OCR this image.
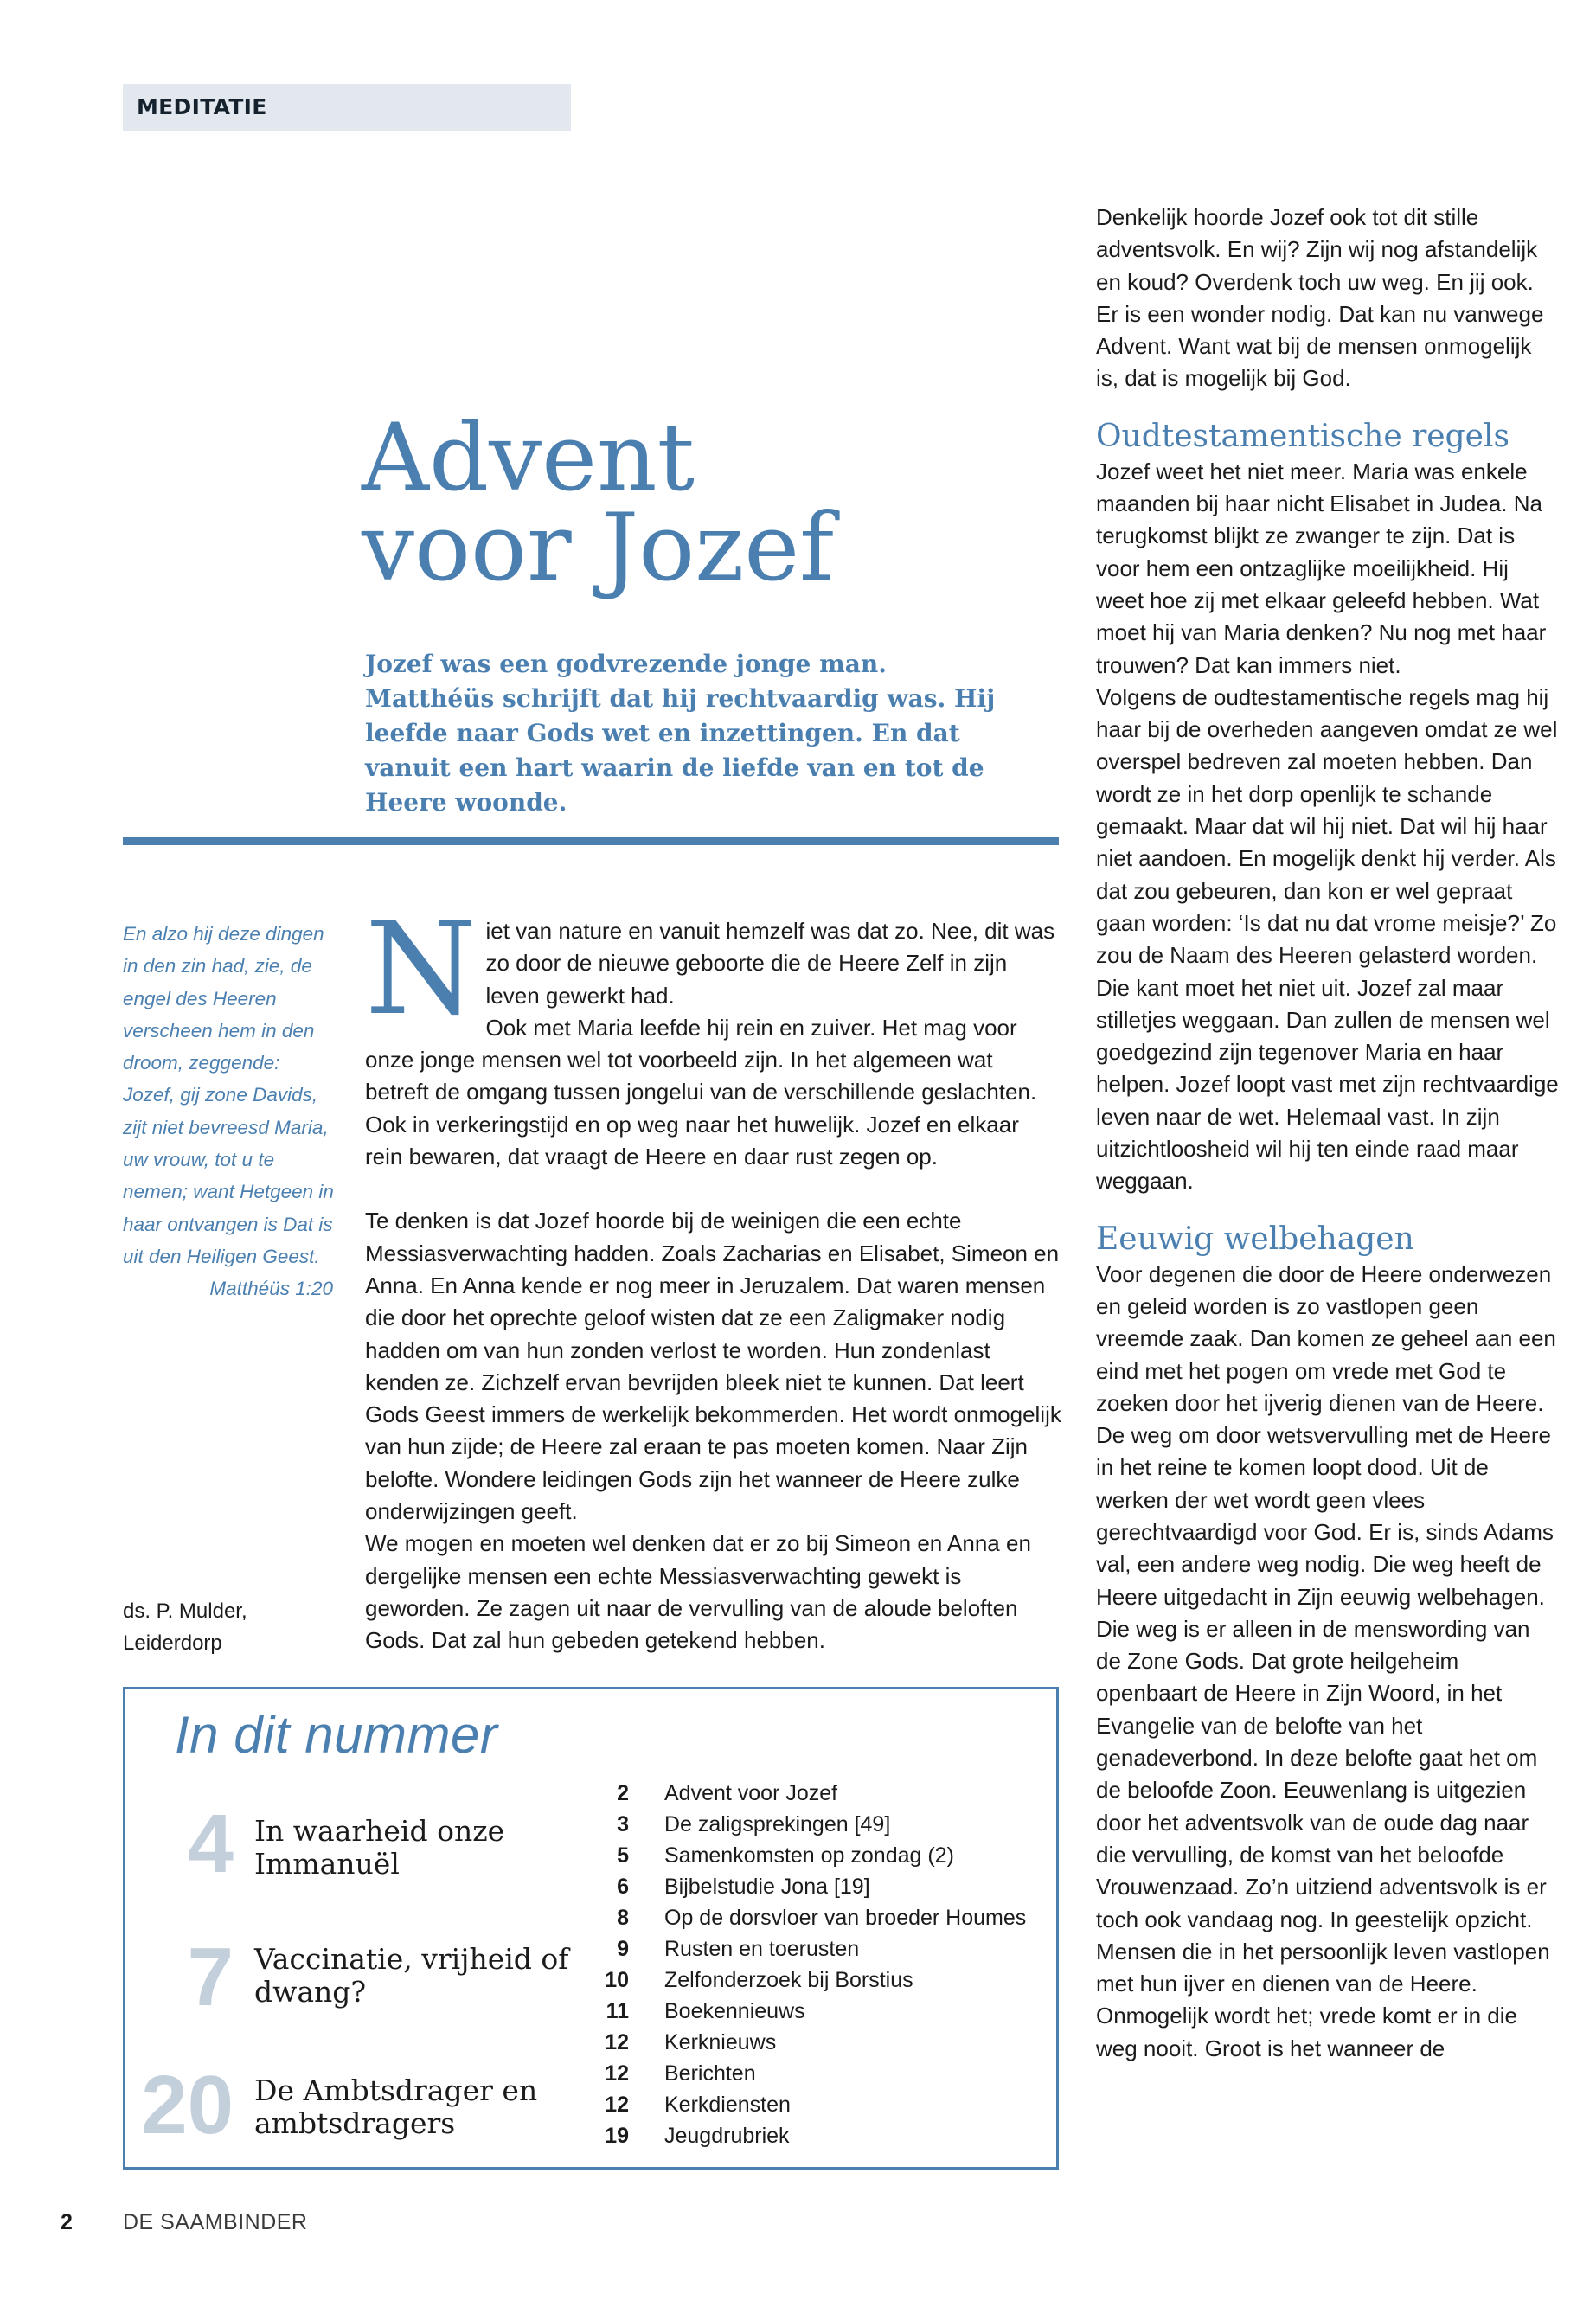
MEDITATIE
Advent
voor Jozef
Jozef was een godvrezende jonge man. Matthéüs schrijft dat hij rechtvaardig was. Hij leefde naar Gods wet en inzettingen. En dat vanuit een hart waarin de liefde van en tot de Heere woonde.
En alzo hij deze dingen in den zin had, zie, de engel des Heeren verscheen hem in den droom, zeggende: Jozef, gij zone Davids, zijt niet bevreesd Maria, uw vrouw, tot u te nemen; want Hetgeen in haar ontvangen is Dat is uit den Heiligen Geest.
Matthéüs 1:20
ds. P. Mulder,
Leiderdorp

Niet van nature en vanuit hemzelf was dat zo. Nee, dit was zo door de nieuwe geboorte die de Heere Zelf in zijn leven gewerkt had.

Ook met Maria leefde hij rein en zuiver. Het mag voor onze jonge mensen wel tot voorbeeld zijn. In het algemeen wat betreft de omgang tussen jongelui van de verschillende geslachten. Ook in verkeringstijd en op weg naar het huwelijk. Jozef en elkaar rein bewaren, dat vraagt de Heere en daar rust zegen op.

Te denken is dat Jozef hoorde bij de weinigen die een echte Messiasverwachting hadden. Zoals Zacharias en Elisabet, Simeon en Anna. En Anna kende er nog meer in Jeruzalem. Dat waren mensen die door het oprechte geloof wisten dat ze een Zaligmaker nodig hadden om van hun zonden verlost te worden. Hun zondenlast kenden ze. Zichzelf ervan bevrijden bleek niet te kunnen. Dat leert Gods Geest immers de werkelijk bekommerden. Het wordt onmogelijk van hun zijde; de Heere zal eraan te pas moeten komen. Naar Zijn belofte. Wondere leidingen Gods zijn het wanneer de Heere zulke onderwijzingen geeft.

We mogen en moeten wel denken dat er zo bij Simeon en Anna en dergelijke mensen een echte Messiasverwachting gewekt is geworden. Ze zagen uit naar de vervulling van de aloude beloften Gods. Dat zal hun gebeden getekend hebben.

Denkelijk hoorde Jozef ook tot dit stille adventsvolk. En wij? Zijn wij nog afstandelijk en koud? Overdenk toch uw weg. En jij ook. Er is een wonder nodig. Dat kan nu vanwege Advent. Want wat bij de mensen onmogelijk is, dat is mogelijk bij God.

Oudtestamentische regels

Jozef weet het niet meer. Maria was enkele maanden bij haar nicht Elisabet in Judea. Na terugkomst blijkt ze zwanger te zijn. Dat is voor hem een ontzaglijke moeilijkheid. Hij weet hoe zij met elkaar geleefd hebben. Wat moet hij van Maria denken? Nu nog met haar trouwen? Dat kan immers niet.

Volgens de oudtestamentische regels mag hij haar bij de overheden aangeven omdat ze wel overspel bedreven zal moeten hebben. Dan wordt ze in het dorp openlijk te schande gemaakt. Maar dat wil hij niet. Dat wil hij haar niet aandoen. En mogelijk denkt hij verder. Als dat zou gebeuren, dan kon er wel gepraat gaan worden: ‘Is dat nu dat vrome meisje?’ Zo zou de Naam des Heeren gelasterd worden. Die kant moet het niet uit. Jozef zal maar stilletjes weggaan. Dan zullen de mensen wel goedgezind zijn tegenover Maria en haar helpen. Jozef loopt vast met zijn rechtvaardige leven naar de wet. Helemaal vast. In zijn uitzichtloosheid wil hij ten einde raad maar weggaan.

Eeuwig welbehagen

Voor degenen die door de Heere onderwezen en geleid worden is zo vastlopen geen vreemde zaak. Dan komen ze geheel aan een eind met het pogen om vrede met God te zoeken door het ijverig dienen van de Heere. De weg om door wetsvervulling met de Heere in het reine te komen loopt dood. Uit de werken der wet wordt geen vlees gerechtvaardigd voor God. Er is, sinds Adams val, een andere weg nodig. Die weg heeft de Heere uitgedacht in Zijn eeuwig welbehagen. Die weg is er alleen in de menswording van de Zone Gods. Dat grote heilgeheim openbaart de Heere in Zijn Woord, in het Evangelie van de belofte van het genadeverbond. In deze belofte gaat het om de beloofde Zoon. Eeuwenlang is uitgezien door het adventsvolk van de oude dag naar die vervulling, de komst van het beloofde Vrouwenzaad. Zo’n uitziend adventsvolk is er toch ook vandaag nog. In geestelijk opzicht. Mensen die in het persoonlijk leven vastlopen met hun ijver en dienen van de Heere. Onmogelijk wordt het; vrede komt er in die weg nooit. Groot is het wanneer de

In dit nummer
4 In waarheid onze
Immanuël
7 Vaccinatie, vrijheid of
dwang?
20 De Ambtsdrager en
ambtsdragers
2 Advent voor Jozef
3 De zaligsprekingen [49]
5 Samenkomsten op zondag (2)
6 Bijbelstudie Jona [19]
8 Op de dorsvloer van broeder Houmes
9 Rusten en toerusten
10 Zelfonderzoek bij Borstius
11 Boekennieuws
12 Kerknieuws
12 Berichten
12 Kerkdiensten
19 Jeugdrubriek
2 DE SAAMBINDER
